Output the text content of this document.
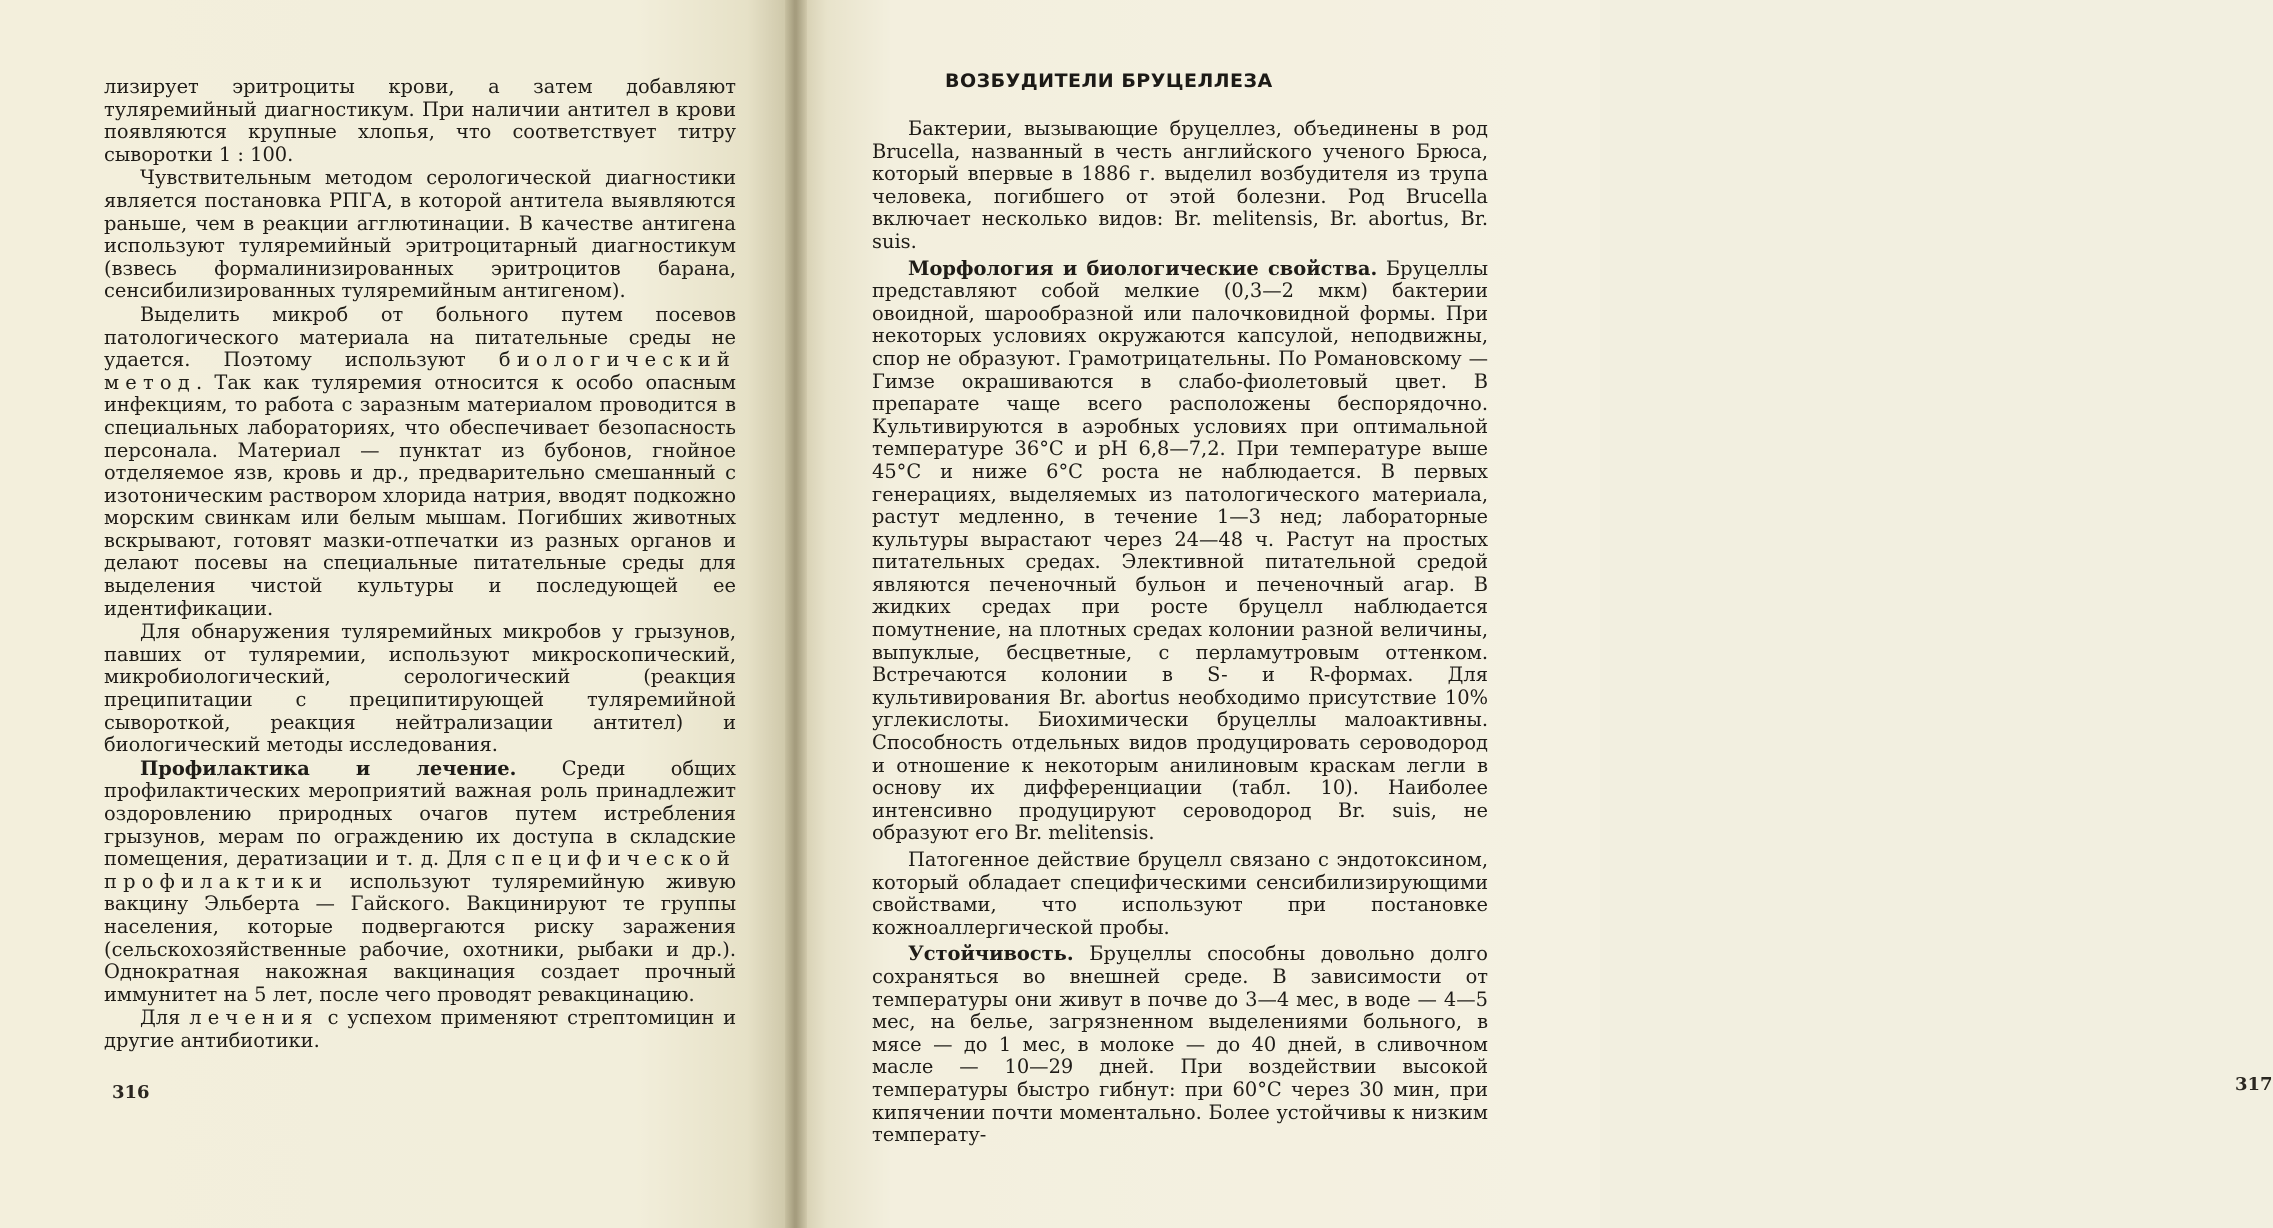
лизирует эритроциты крови, а затем добавляют туляремийный диагностикум. При наличии антител в крови появляются крупные хлопья, что соответствует титру сыворотки 1 : 100.

Чувствительным методом серологической диагностики является постановка РПГА, в которой антитела выявляются раньше, чем в реакции агглютинации. В качестве антигена используют туляремийный эритроцитарный диагностикум (взвесь формалинизированных эритроцитов барана, сенсибилизированных туляремийным антигеном).

Выделить микроб от больного путем посевов патологического материала на питательные среды не удается. Поэтому используют биологический метод. Так как туляремия относится к особо опасным инфекциям, то работа с заразным материалом проводится в специальных лабораториях, что обеспечивает безопасность персонала. Материал — пунктат из бубонов, гнойное отделяемое язв, кровь и др., предварительно смешанный с изотоническим раствором хлорида натрия, вводят подкожно морским свинкам или белым мышам. Погибших животных вскрывают, готовят мазки-отпечатки из разных органов и делают посевы на специальные питательные среды для выделения чистой культуры и последующей ее идентификации.

Для обнаружения туляремийных микробов у грызунов, павших от туляремии, используют микроскопический, микробиологический, серологический (реакция преципитации с преципитирующей туляремийной сывороткой, реакция нейтрализации антител) и биологический методы исследования.

Профилактика и лечение. Среди общих профилактических мероприятий важная роль принадлежит оздоровлению природных очагов путем истребления грызунов, мерам по ограждению их доступа в складские помещения, дератизации и т. д. Для специфической профилактики используют туляремийную живую вакцину Эльберта — Гайского. Вакцинируют те группы населения, которые подвергаются риску заражения (сельскохозяйственные рабочие, охотники, рыбаки и др.). Однократная накожная вакцинация создает прочный иммунитет на 5 лет, после чего проводят ревакцинацию.

Для лечения с успехом применяют стрептомицин и другие антибиотики.

316

Бактерии, вызывающие бруцеллез, объединены в род Brucella, названный в честь английского ученого Брюса, который впервые в 1886 г. выделил возбудителя из трупа человека, погибшего от этой болезни. Род Brucella включает несколько видов: Br. melitensis, Br. abortus, Br. suis.

Морфология и биологические свойства. Бруцеллы представляют собой мелкие (0,3—2 мкм) бактерии овоидной, шарообразной или палочковидной формы. При некоторых условиях окружаются капсулой, неподвижны, спор не образуют. Грамотрицательны. По Романовскому — Гимзе окрашиваются в слабо-фиолетовый цвет. В препарате чаще всего расположены беспорядочно. Культивируются в аэробных условиях при оптимальной температуре 36°С и pH 6,8—7,2. При температуре выше 45°С и ниже 6°С роста не наблюдается. В первых генерациях, выделяемых из патологического материала, растут медленно, в течение 1—3 нед; лабораторные культуры вырастают через 24—48 ч. Растут на простых питательных средах. Элективной питательной средой являются печеночный бульон и печеночный агар. В жидких средах при росте бруцелл наблюдается помутнение, на плотных средах колонии разной величины, выпуклые, бесцветные, с перламутровым оттенком. Встречаются колонии в S- и R-формах. Для культивирования Br. abortus необходимо присутствие 10% углекислоты. Биохимически бруцеллы малоактивны. Способность отдельных видов продуцировать сероводород и отношение к некоторым анилиновым краскам легли в основу их дифференциации (табл. 10). Наиболее интенсивно продуцируют сероводород Br. suis, не образуют его Br. melitensis.

Патогенное действие бруцелл связано с эндотоксином, который обладает специфическими сенсибилизирующими свойствами, что используют при постановке кожноаллергической пробы.

Устойчивость. Бруцеллы способны довольно долго сохраняться во внешней среде. В зависимости от температуры они живут в почве до 3—4 мес, в воде — 4—5 мес, на белье, загрязненном выделениями больного, в мясе — до 1 мес, в молоке — до 40 дней, в сливочном масле — 10—29 дней. При воздействии высокой температуры быстро гибнут: при 60°С через 30 мин, при кипячении почти моментально. Более устойчивы к низким температу-

317
ВОЗБУДИТЕЛИ БРУЦЕЛЛЕЗА
